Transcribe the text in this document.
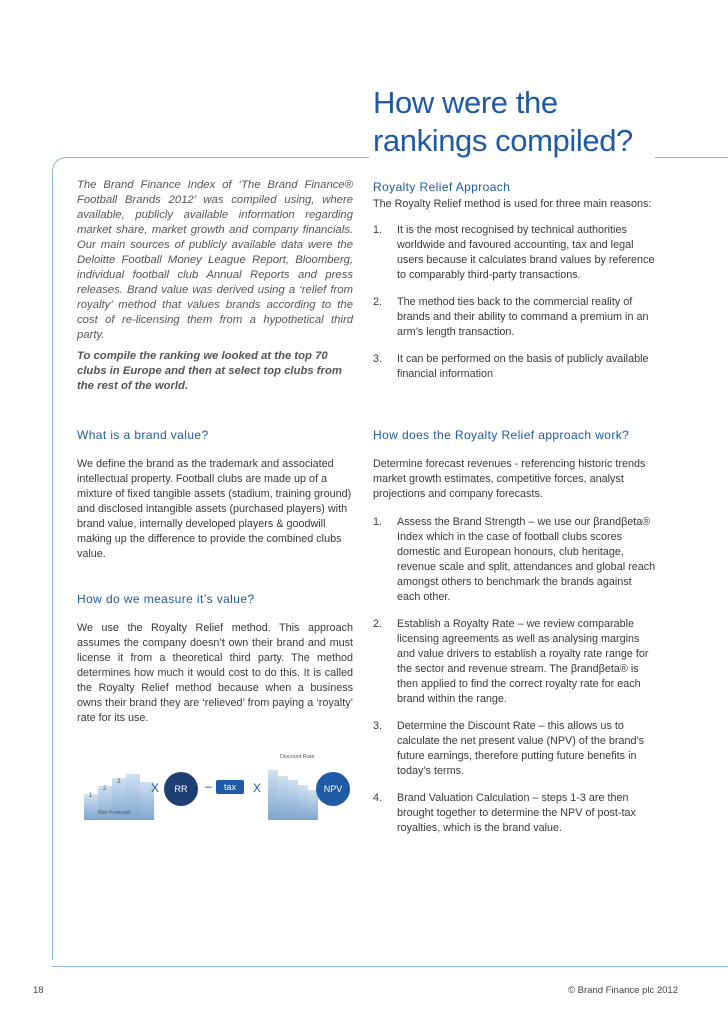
How were the
rankings compiled?

The Brand Finance Index of ‘The Brand Finance® Football Brands 2012’ was compiled using, where available, publicly available information regarding market share, market growth and company financials. Our main sources of publicly available data were the Deloitte Football Money League Report, Bloomberg, individual football club Annual Reports and press releases. Brand value was derived using a ‘relief from royalty’ method that values brands according to the cost of re-licensing them from a hypothetical third party.

To compile the ranking we looked at the top 70 clubs in Europe and then at select top clubs from the rest of the world.

What is a brand value?

We define the brand as the trademark and associated intellectual property. Football clubs are made up of a mixture of fixed tangible assets (stadium, training ground) and disclosed intangible assets (purchased players) with brand value, internally developed players & goodwill making up the difference to provide the combined clubs value.

How do we measure it’s value?

We use the Royalty Relief method. This approach assumes the company doesn’t own their brand and must license it from a theoretical third party. The method determines how much it would cost to do this. It is called the Royalty Relief method because when a business owns their brand they are ‘relieved’ from paying a ‘royalty’ rate for its use.

1
2
3
Rev Forecast
X	RR	–	tax	X
Discount Rate
NPV

Royalty Relief Approach

The Royalty Relief method is used for three main reasons:

1. It is the most recognised by technical authorities worldwide and favoured accounting, tax and legal users because it calculates brand values by reference to comparably third-party transactions.
2. The method ties back to the commercial reality of brands and their ability to command a premium in an arm’s length transaction.
3. It can be performed on the basis of publicly available financial information

How does the Royalty Relief approach work?

Determine forecast revenues - referencing historic trends market growth estimates, competitive forces, analyst projections and company forecasts.

1. Assess the Brand Strength – we use our βrandβeta® Index which in the case of football clubs scores domestic and European honours, club heritage, revenue scale and split, attendances and global reach amongst others to benchmark the brands against each other.
2. Establish a Royalty Rate – we review comparable licensing agreements as well as analysing margins and value drivers to establish a royalty rate range for the sector and revenue stream. The βrandβeta® is then applied to find the correct royalty rate for each brand within the range.
3. Determine the Discount Rate – this allows us to calculate the net present value (NPV) of the brand’s future earnings, therefore putting future benefits in today’s terms.
4. Brand Valuation Calculation – steps 1-3 are then brought together to determine the NPV of post-tax royalties, which is the brand value.
18	© Brand Finance plc 2012
